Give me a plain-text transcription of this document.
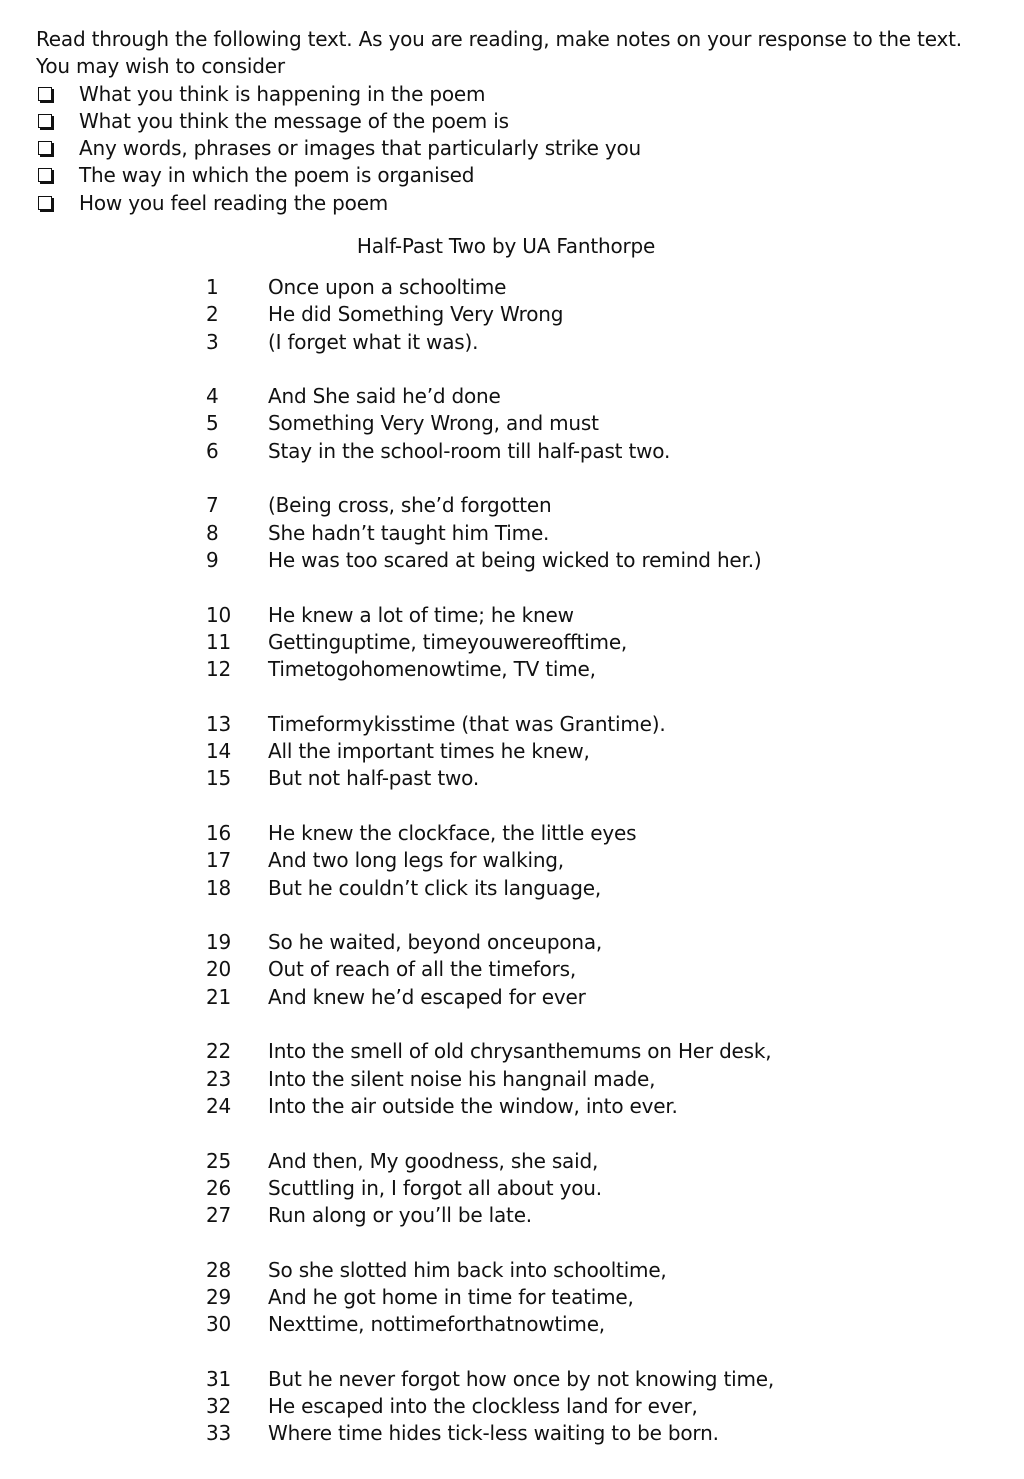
Read through the following text. As you are reading, make notes on your response to the text.

You may wish to consider

What you think is happening in the poem
What you think the message of the poem is
Any words, phrases or images that particularly strike you
The way in which the poem is organised
How you feel reading the poem
Half-Past Two by UA Fanthorpe
1 Once upon a schooltime
2 He did Something Very Wrong
3 (I forget what it was).
4 And She said he’d done
5 Something Very Wrong, and must
6 Stay in the school-room till half-past two.
7 (Being cross, she’d forgotten
8 She hadn’t taught him Time.
9 He was too scared at being wicked to remind her.)
10 He knew a lot of time; he knew
11 Gettinguptime, timeyouwereofftime,
12 Timetogohomenowtime, TV time,
13 Timeformykisstime (that was Grantime).
14 All the important times he knew,
15 But not half-past two.
16 He knew the clockface, the little eyes
17 And two long legs for walking,
18 But he couldn’t click its language,
19 So he waited, beyond onceupona,
20 Out of reach of all the timefors,
21 And knew he’d escaped for ever
22 Into the smell of old chrysanthemums on Her desk,
23 Into the silent noise his hangnail made,
24 Into the air outside the window, into ever.
25 And then, My goodness, she said,
26 Scuttling in, I forgot all about you.
27 Run along or you’ll be late.
28 So she slotted him back into schooltime,
29 And he got home in time for teatime,
30 Nexttime, nottimeforthatnowtime,
31 But he never forgot how once by not knowing time,
32 He escaped into the clockless land for ever,
33 Where time hides tick-less waiting to be born.
